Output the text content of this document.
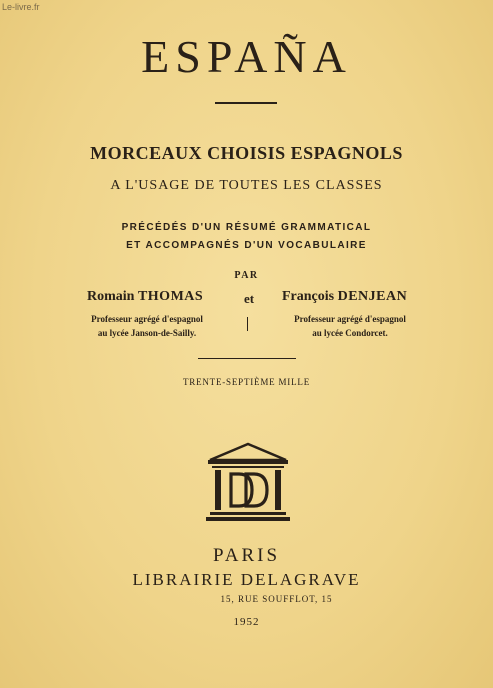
Le-livre.fr
ESPAÑA
MORCEAUX CHOISIS ESPAGNOLS
A L'USAGE DE TOUTES LES CLASSES
PRÉCÉDÉS D'UN RÉSUMÉ GRAMMATICAL
ET ACCOMPAGNÉS D'UN VOCABULAIRE
PAR
Romain THOMAS	et François DENJEAN
Professeur agrégé d'espagnol
au lycée Janson-de-Sailly.
Professeur agrégé d'espagnol
au lycée Condorcet.
TRENTE-SEPTIÈME MILLE
PARIS
LIBRAIRIE DELAGRAVE
15, RUE SOUFFLOT, 15
1952
